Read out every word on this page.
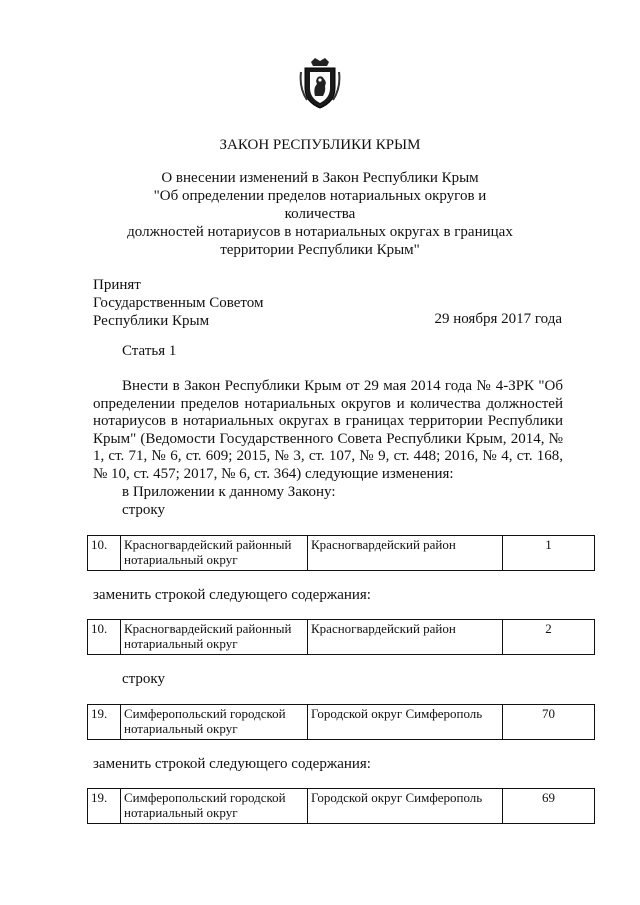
ЗАКОН РЕСПУБЛИКИ КРЫМ
О внесении изменений в Закон Республики Крым
"Об определении пределов нотариальных округов и количества
должностей нотариусов в нотариальных округах в границах
территории Республики Крым"
Принят
Государственным Советом
Республики Крым	29 ноября 2017 года
Статья 1
Внести в Закон Республики Крым от 29 мая 2014 года № 4-ЗРК "Об определении пределов нотариальных округов и количества должностей нотариусов в нотариальных округах в границах территории Республики Крым" (Ведомости Государственного Совета Республики Крым, 2014, № 1, ст. 71, № 6, ст. 609; 2015, № 3, ст. 107, № 9, ст. 448; 2016, № 4, ст. 168, № 10, ст. 457; 2017, № 6, ст. 364) следующие изменения:
в Приложении к данному Закону:
строку
10.	Красногвардейский районный нотариальный округ	Красногвардейский район	1
заменить строкой следующего содержания:
10.	Красногвардейский районный нотариальный округ	Красногвардейский район	2
строку
19.	Симферопольский городской нотариальный округ	Городской округ Симферополь	70
заменить строкой следующего содержания:
19.	Симферопольский городской нотариальный округ	Городской округ Симферополь	69
